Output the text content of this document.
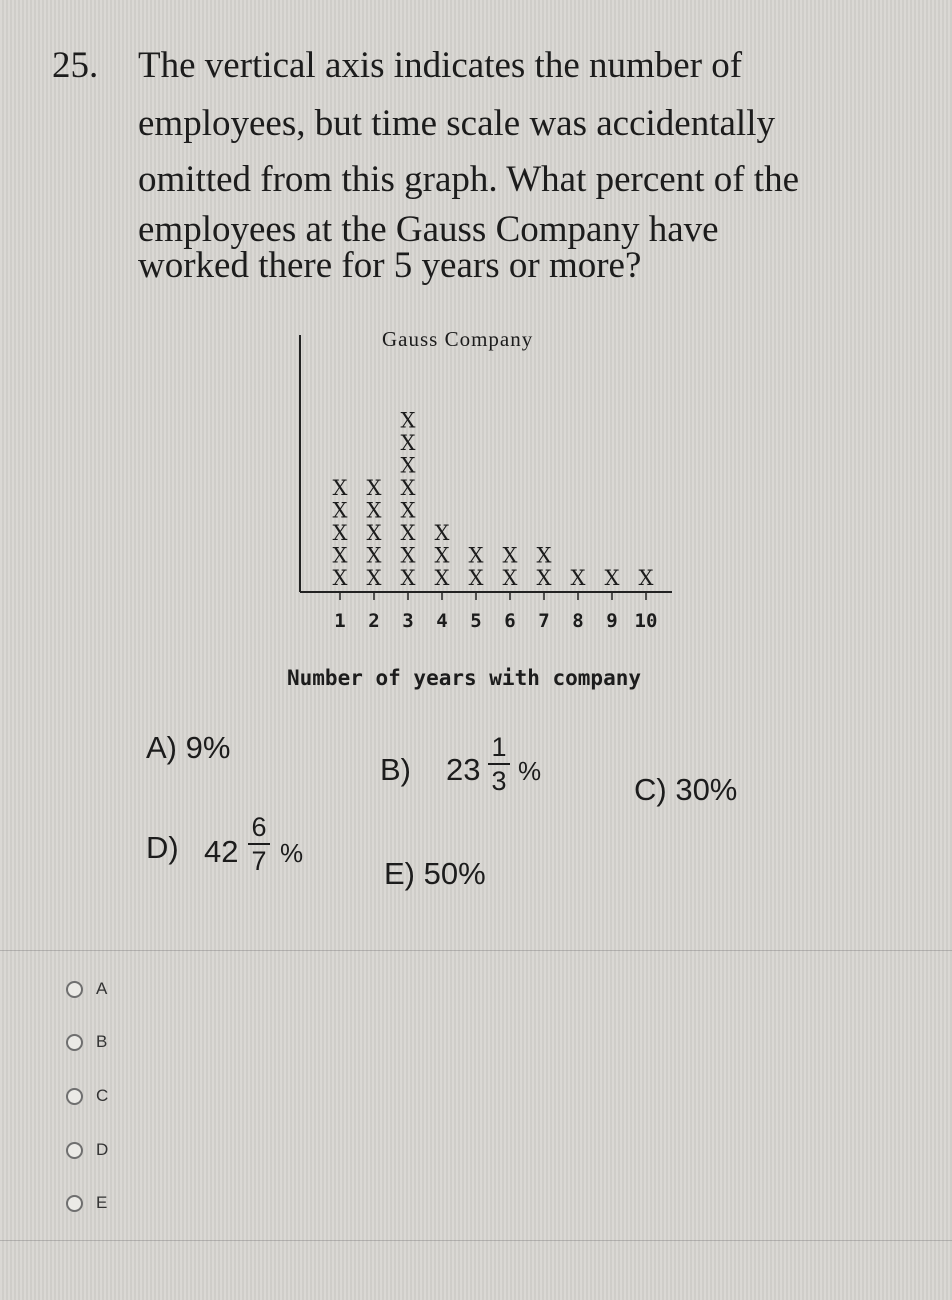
25. The vertical axis indicates the number of
employees, but time scale was accidentally
omitted from this graph. What percent of the
employees at the Gauss Company have
worked there for 5 years or more?
Gauss Company
X
X
X
X
X
X
X
X
X
X
X
X
X
X
X
X
X
X
X
X
X
X
X
X
X
X
X
X X X
1 2 3 4 5 6 7 8 9 10
Number of years with company
A) 9%
B) 23
1
3 %
C) 30%
D) 42
6
7 %
E) 50%
A
B
C
D
E
